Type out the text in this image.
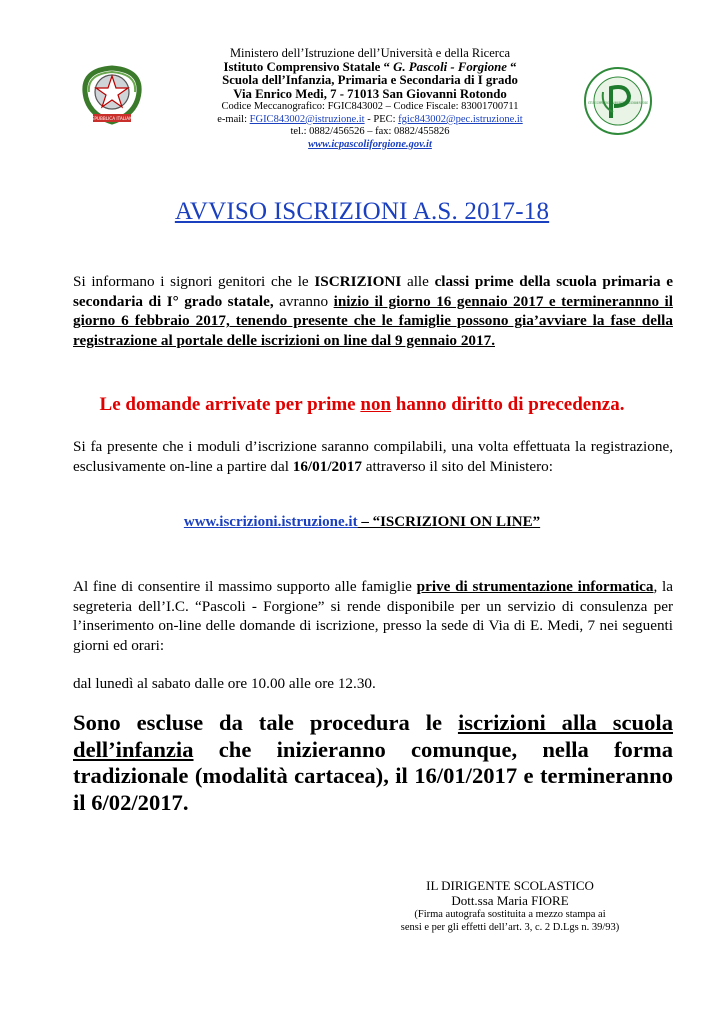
REPUBBLICA ITALIANA
ISTITUTO COMPRENSIVO GIOVANNI PASCOLI SAN GIOVANNI ROTONDO
Ministero dell’Istruzione dell’Università e della Ricerca
Istituto Comprensivo Statale “ G. Pascoli - Forgione “
Scuola dell’Infanzia, Primaria e Secondaria di I grado
Via Enrico Medi, 7 - 71013 San Giovanni Rotondo
Codice Meccanografico: FGIC843002 – Codice Fiscale: 83001700711
e-mail: FGIC843002@istruzione.it - PEC: fgic843002@pec.istruzione.it
tel.: 0882/456526 – fax: 0882/455826
www.icpascoliforgione.gov.it
AVVISO ISCRIZIONI A.S. 2017-18
Si informano i signori genitori che le ISCRIZIONI alle classi prime della scuola primaria e secondaria di I° grado statale, avranno inizio il giorno 16 gennaio 2017 e terminerannno il giorno 6 febbraio 2017, tenendo presente che le famiglie possono gia’avviare la fase della registrazione al portale delle iscrizioni on line dal 9 gennaio 2017.
Le domande arrivate per prime non hanno diritto di precedenza.
Si fa presente che i moduli d’iscrizione saranno compilabili, una volta effettuata la registrazione, esclusivamente on-line a partire dal 16/01/2017 attraverso il sito del Ministero:
www.iscrizioni.istruzione.it – “ISCRIZIONI ON LINE”
Al fine di consentire il massimo supporto alle famiglie prive di strumentazione informatica, la segreteria dell’I.C. “Pascoli - Forgione” si rende disponibile per un servizio di consulenza per l’inserimento on-line delle domande di iscrizione, presso la sede di Via di E. Medi, 7 nei seguenti giorni ed orari:
dal lunedì al sabato dalle ore 10.00 alle ore 12.30.
Sono escluse da tale procedura le iscrizioni alla scuola dell’infanzia che inizieranno comunque, nella forma tradizionale (modalità cartacea), il 16/01/2017 e termineranno il 6/02/2017.
IL DIRIGENTE SCOLASTICO
Dott.ssa Maria FIORE
(Firma autografa sostituita a mezzo stampa ai
sensi e per gli effetti dell’art. 3, c. 2 D.Lgs n. 39/93)
